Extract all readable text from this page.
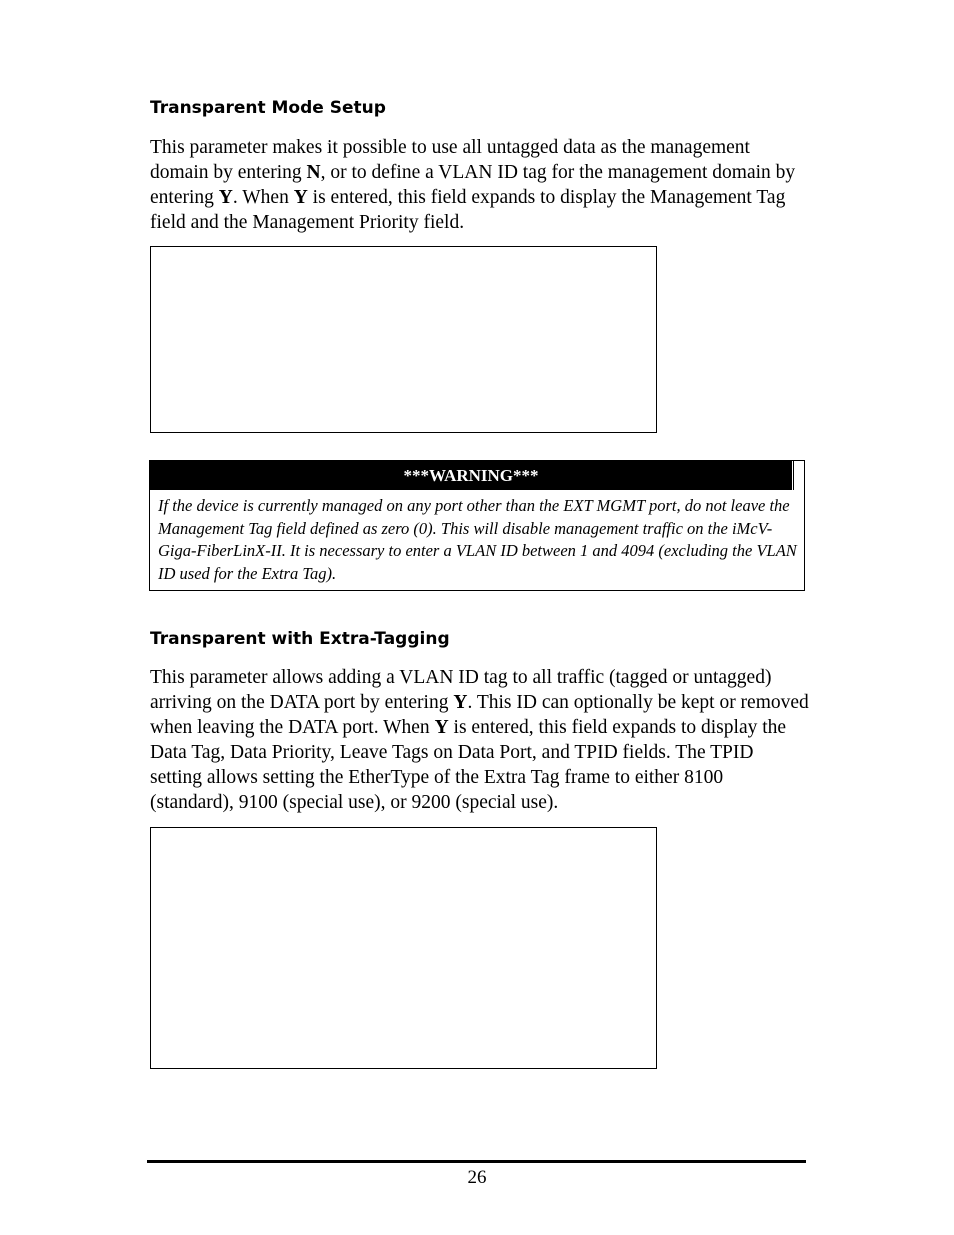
Transparent Mode Setup

This parameter makes it possible to use all untagged data as the management domain by entering N, or to define a VLAN ID tag for the management domain by entering Y. When Y is entered, this field expands to display the Management Tag field and the Management Priority field.

***WARNING***

If the device is currently managed on any port other than the EXT MGMT port, do not leave the Management Tag field defined as zero (0). This will disable management traffic on the iMcV-Giga-FiberLinX-II. It is necessary to enter a VLAN ID between 1 and 4094 (excluding the VLAN ID used for the Extra Tag).

Transparent with Extra-Tagging

This parameter allows adding a VLAN ID tag to all traffic (tagged or untagged) arriving on the DATA port by entering Y. This ID can optionally be kept or removed when leaving the DATA port. When Y is entered, this field expands to display the Data Tag, Data Priority, Leave Tags on Data Port, and TPID fields. The TPID setting allows setting the EtherType of the Extra Tag frame to either 8100 (standard), 9100 (special use), or 9200 (special use).

26
